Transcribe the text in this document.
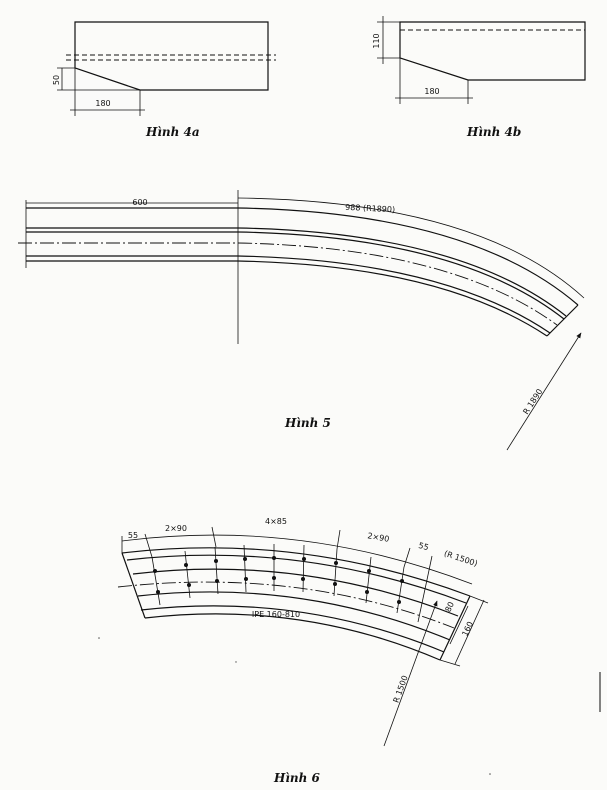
50
180
110
180
600
988 (R1890)
R 1890
55
2×90
4×85
2×90
55
(R 1500)
80
160
IPE 160-810
R 1500
Hình 4a	Hình 4b
Hình 5
Hình 6
